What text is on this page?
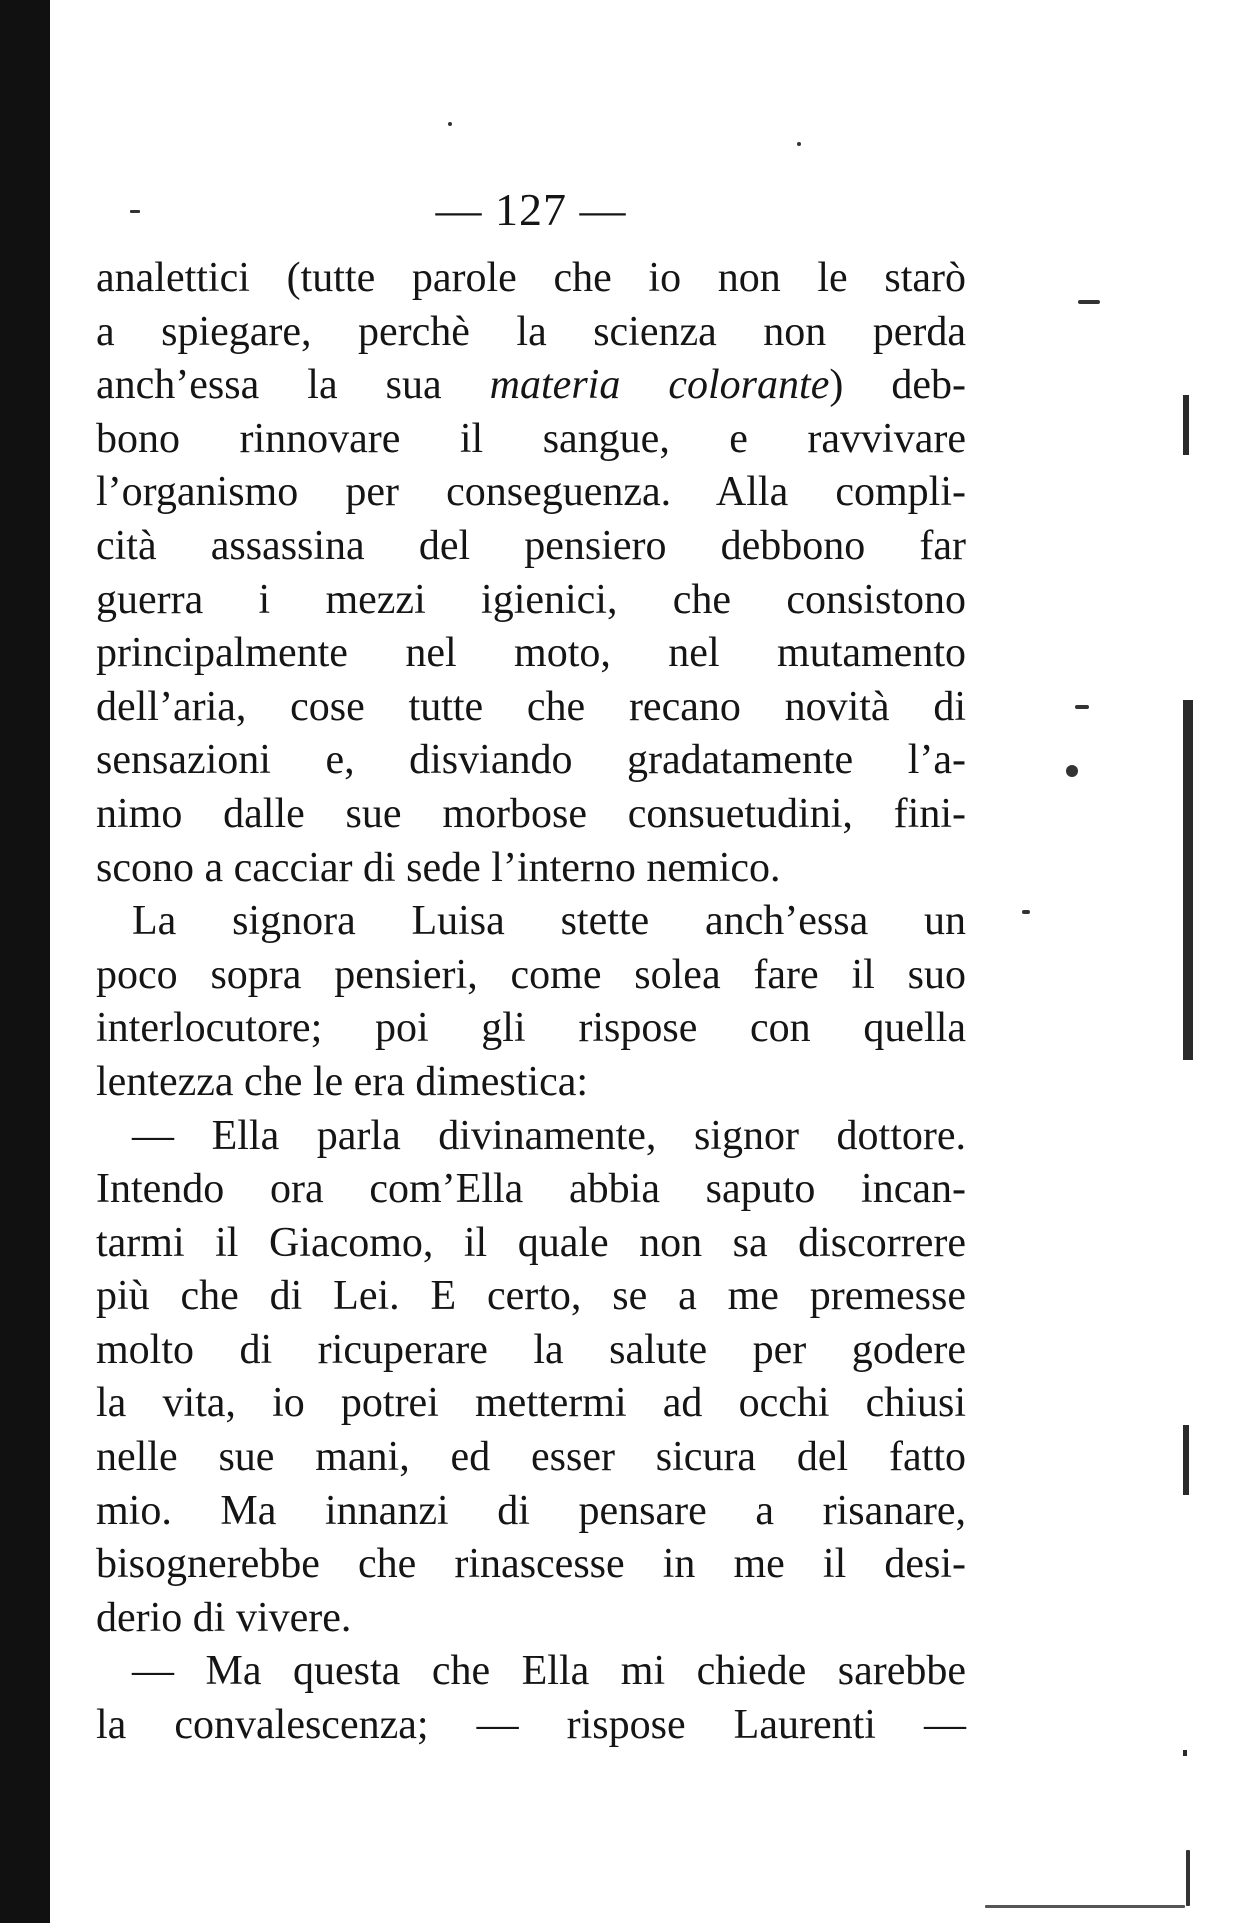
— 127 —
analettici (tutte parole che io non le starò
a spiegare, perchè la scienza non perda
anch’essa la sua materia colorante) deb-
bono rinnovare il sangue, e ravvivare
l’organismo per conseguenza. Alla compli-
cità assassina del pensiero debbono far
guerra i mezzi igienici, che consistono
principalmente nel moto, nel mutamento
dell’aria, cose tutte che recano novità di
sensazioni e, disviando gradatamente l’a-
nimo dalle sue morbose consuetudini, fini-
scono a cacciar di sede l’interno nemico.
La signora Luisa stette anch’essa un
poco sopra pensieri, come solea fare il suo
interlocutore; poi gli rispose con quella
lentezza che le era dimestica:
— Ella parla divinamente, signor dottore.
Intendo ora com’Ella abbia saputo incan-
tarmi il Giacomo, il quale non sa discorrere
più che di Lei. E certo, se a me premesse
molto di ricuperare la salute per godere
la vita, io potrei mettermi ad occhi chiusi
nelle sue mani, ed esser sicura del fatto
mio. Ma innanzi di pensare a risanare,
bisognerebbe che rinascesse in me il desi-
derio di vivere.
— Ma questa che Ella mi chiede sarebbe
la convalescenza; — rispose Laurenti —
